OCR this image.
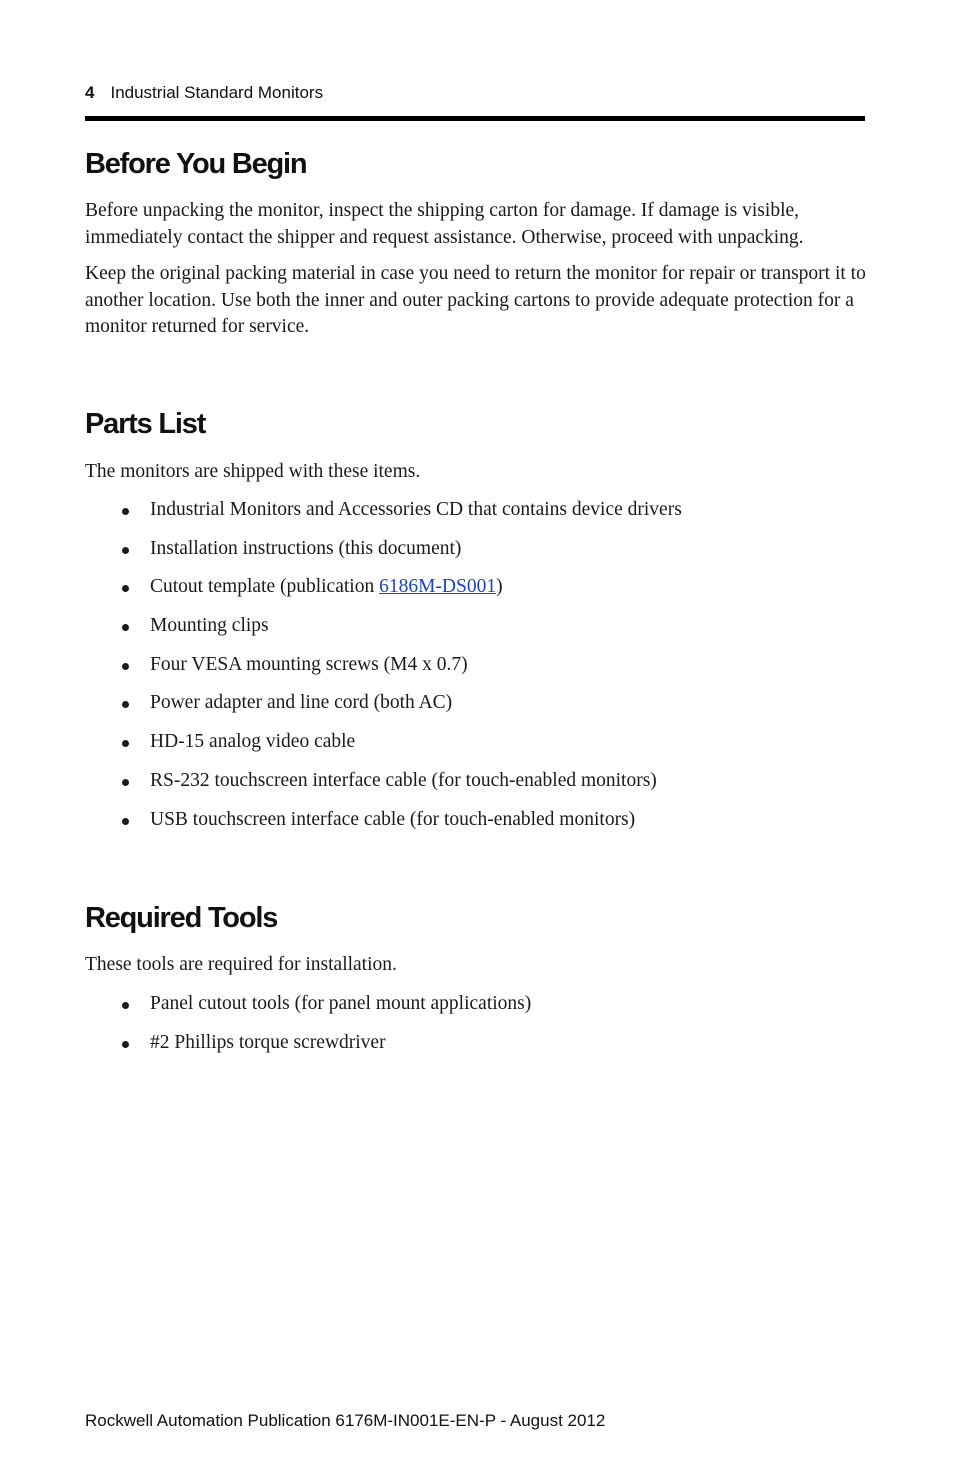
4 Industrial Standard Monitors
Before You Begin

Before unpacking the monitor, inspect the shipping carton for damage. If damage is visible, immediately contact the shipper and request assistance. Otherwise, proceed with unpacking.

Keep the original packing material in case you need to return the monitor for repair or transport it to another location. Use both the inner and outer packing cartons to provide adequate protection for a monitor returned for service.

Parts List

The monitors are shipped with these items.

Industrial Monitors and Accessories CD that contains device drivers
Installation instructions (this document)
Cutout template (publication 6186M-DS001)
Mounting clips
Four VESA mounting screws (M4 x 0.7)
Power adapter and line cord (both AC)
HD-15 analog video cable
RS-232 touchscreen interface cable (for touch-enabled monitors)
USB touchscreen interface cable (for touch-enabled monitors)
Required Tools

These tools are required for installation.

Panel cutout tools (for panel mount applications)
#2 Phillips torque screwdriver
Rockwell Automation Publication 6176M-IN001E-EN-P - August 2012
